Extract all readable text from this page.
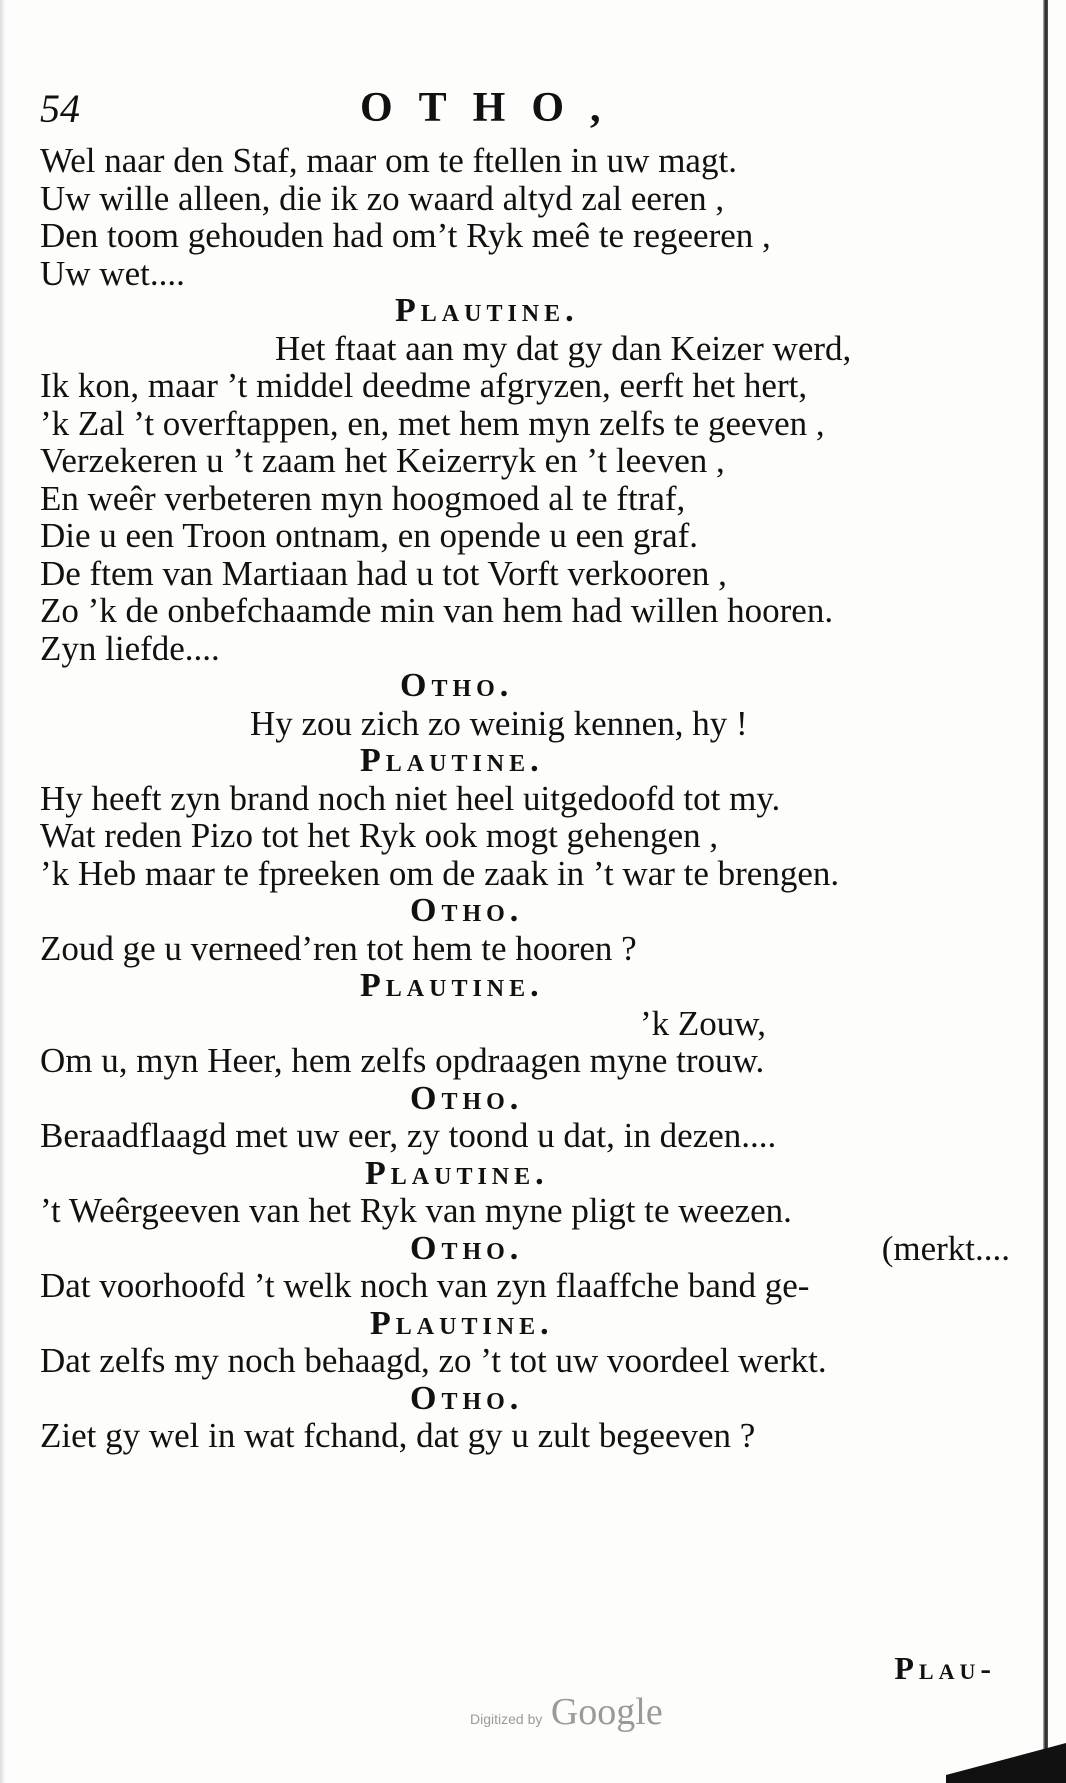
54	OTHO,
Wel naar den Staf, maar om te ftellen in uw magt.
Uw wille alleen, die ik zo waard altyd zal eeren ,
Den toom gehouden had om’t Ryk meê te regeeren ,
Uw wet....
Plautine.
Het ftaat aan my dat gy dan Keizer werd,
Ik kon, maar ’t middel deedme afgryzen, eerft het hert,
’k Zal ’t overftappen, en, met hem myn zelfs te geeven ,
Verzekeren u ’t zaam het Keizerryk en ’t leeven ,
En weêr verbeteren myn hoogmoed al te ftraf,
Die u een Troon ontnam, en opende u een graf.
De ftem van Martiaan had u tot Vorft verkooren ,
Zo ’k de onbefchaamde min van hem had willen hooren.
Zyn liefde....
Otho.
Hy zou zich zo weinig kennen, hy !
Plautine.
Hy heeft zyn brand noch niet heel uitgedoofd tot my.
Wat reden Pizo tot het Ryk ook mogt gehengen ,
’k Heb maar te fpreeken om de zaak in ’t war te brengen.
Otho.
Zoud ge u verneed’ren tot hem te hooren ?
Plautine.
’k Zouw,
Om u, myn Heer, hem zelfs opdraagen myne trouw.
Otho.
Beraadflaagd met uw eer, zy toond u dat, in dezen....
Plautine.
’t Weêrgeeven van het Ryk van myne pligt te weezen.
Otho.	(merkt....
Dat voorhoofd ’t welk noch van zyn flaaffche band ge-
Plautine.
Dat zelfs my noch behaagd, zo ’t tot uw voordeel werkt.
Otho.
Ziet gy wel in wat fchand, dat gy u zult begeeven ?
Plau-
Digitized by Google
